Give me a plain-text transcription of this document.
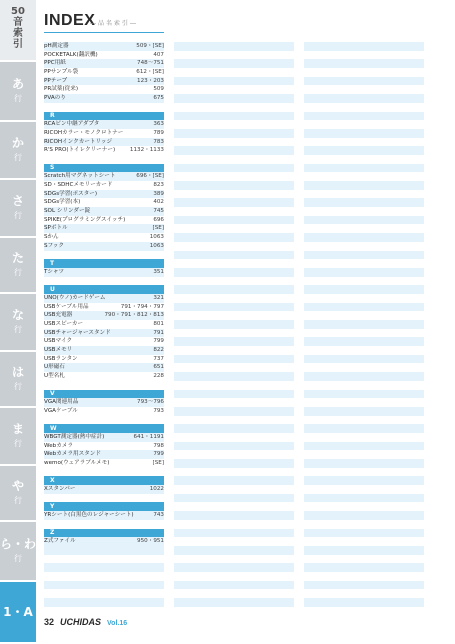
50
音
索
引
あ
行
か
行
さ
行
た
行
な
行
は
行
ま
行
や
行
ら・わ
行
1・A
INDEX
―品名索引―
pH測定器	509・[SE]
POCKETALK(翻訳機)	407
PPC用紙	748〜751
PPサンプル袋	612・[SE]
PPテープ	123・203
PR試薬(従来)	509
PVAのり	675
R
RCAピン中継アダプタ	363
RICOHカラー・モノクロトナー	789
RICOHインクカートリッジ	783
R'S PRO(トイレクリーナー)	1132・1133
S
Scratch用マグネットシート	696・[SE]
SD・SDHCメモリーカード	823
SDGs学習(ポスター)	389
SDGs学習(本)	402
SOL シリンダー錠	745
SPIKE(プログラミングスイッチ)	696
SPボトル	[SE]
Sかん	1063
Sフック	1063
T
Tシャツ	351
U
UNO(ウノ)カードゲーム	321
USBケーブル用品	791・794・797
USB充電器	790・791・812・813
USBスピーカー	801
USBチャージャースタンド	791
USBマイク	799
USBメモリ	822
USBランタン	737
U形磁石	651
U型名札	228
V
VGA関連用品	793〜796
VGAケーブル	793
W
WBGT測定器(熱中症計)	641・1191
Webカメラ	798
Webカメラ用スタンド	799
wemo(ウェアラブルメモ)	[SE]
X
Xスタンパー	1022
Y
YRシート(白黒色のレジャーシート)	743
Z
Z式ファイル	950・951
32 UCHIDAS Vol.16
